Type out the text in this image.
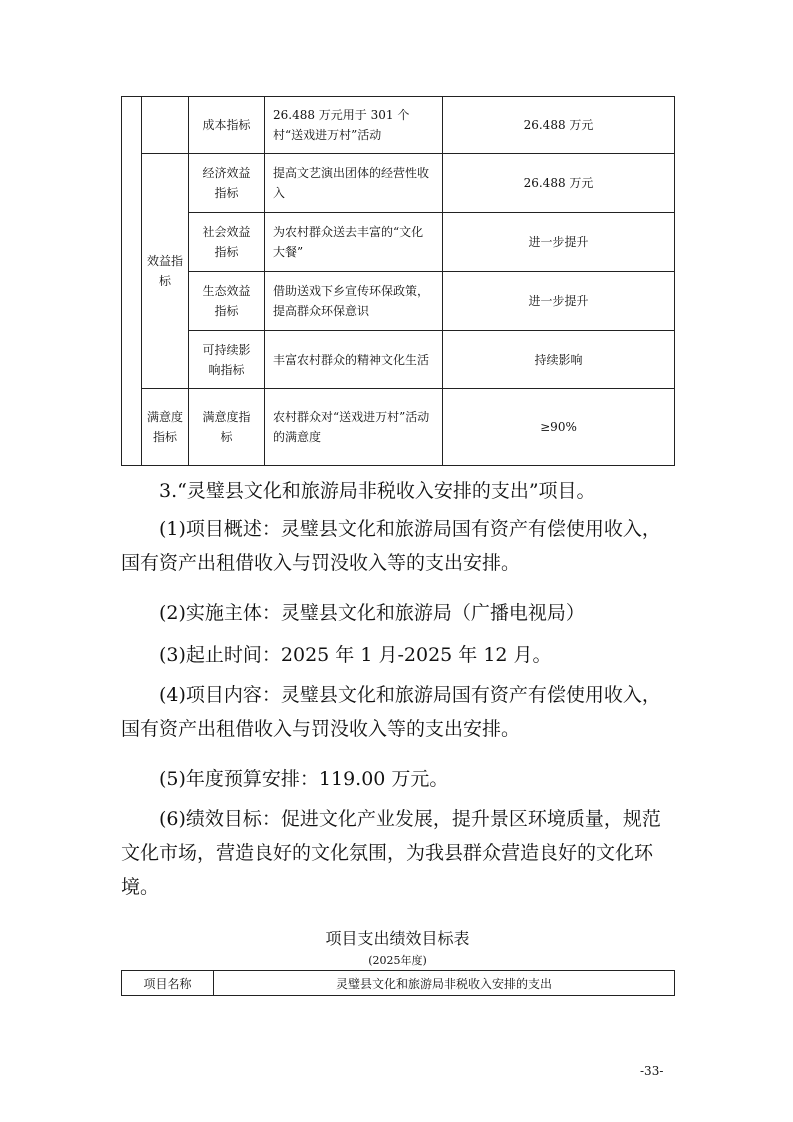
		成本指标	26.488 万元用于 301 个村“送戏进万村”活动	26.488 万元
	效益指标	经济效益指标	提高文艺演出团体的经营性收入	26.488 万元
		社会效益指标	为农村群众送去丰富的“文化大餐”	进一步提升
		生态效益指标	借助送戏下乡宣传环保政策，提高群众环保意识	进一步提升
		可持续影响指标	丰富农村群众的精神文化生活	持续影响
	满意度指标	满意度指标	农村群众对“送戏进万村”活动的满意度	≥90%

3.“灵璧县文化和旅游局非税收入安排的支出”项目。

(1)项目概述：灵璧县文化和旅游局国有资产有偿使用收入，国有资产出租借收入与罚没收入等的支出安排。

(2)实施主体：灵璧县文化和旅游局（广播电视局）

(3)起止时间：2025 年 1 月-2025 年 12 月。

(4)项目内容：灵璧县文化和旅游局国有资产有偿使用收入，国有资产出租借收入与罚没收入等的支出安排。

(5)年度预算安排：119.00 万元。

(6)绩效目标：促进文化产业发展，提升景区环境质量，规范文化市场，营造良好的文化氛围，为我县群众营造良好的文化环境。

项目支出绩效目标表
(2025年度)
项目名称	灵璧县文化和旅游局非税收入安排的支出
-33-
